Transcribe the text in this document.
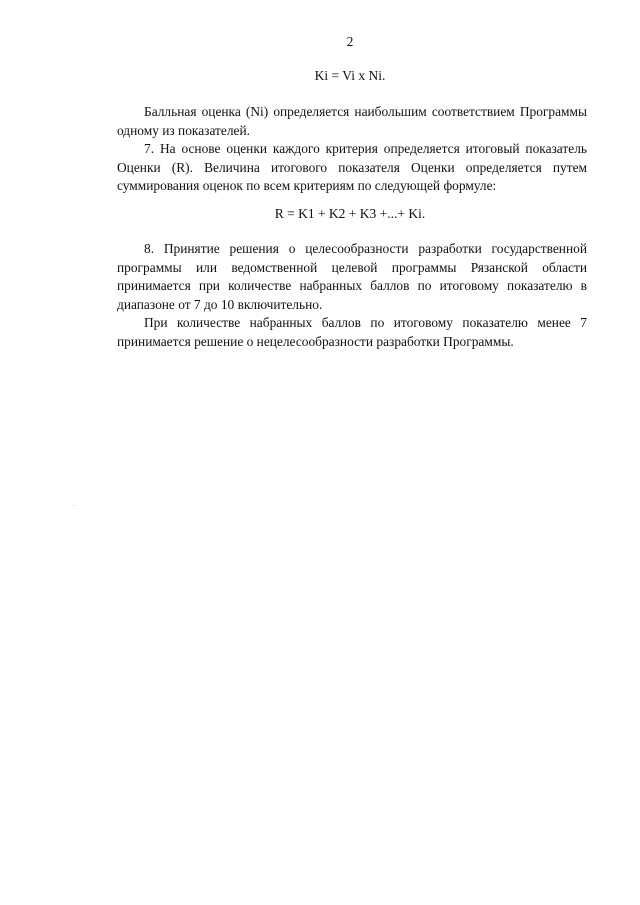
2
Ki = Vi x Ni.

Балльная оценка (Ni) определяется наибольшим соответствием Программы одному из показателей.

7. На основе оценки каждого критерия определяется итоговый показатель Оценки (R). Величина итогового показателя Оценки определяется путем суммирования оценок по всем критериям по следующей формуле:

R = K1 + K2 + K3 +...+ Ki.

8. Принятие решения о целесообразности разработки государственной программы или ведомственной целевой программы Рязанской области принимается при количестве набранных баллов по итоговому показателю в диапазоне от 7 до 10 включительно.

При количестве набранных баллов по итоговому показателю менее 7 принимается решение о нецелесообразности разработки Программы.
